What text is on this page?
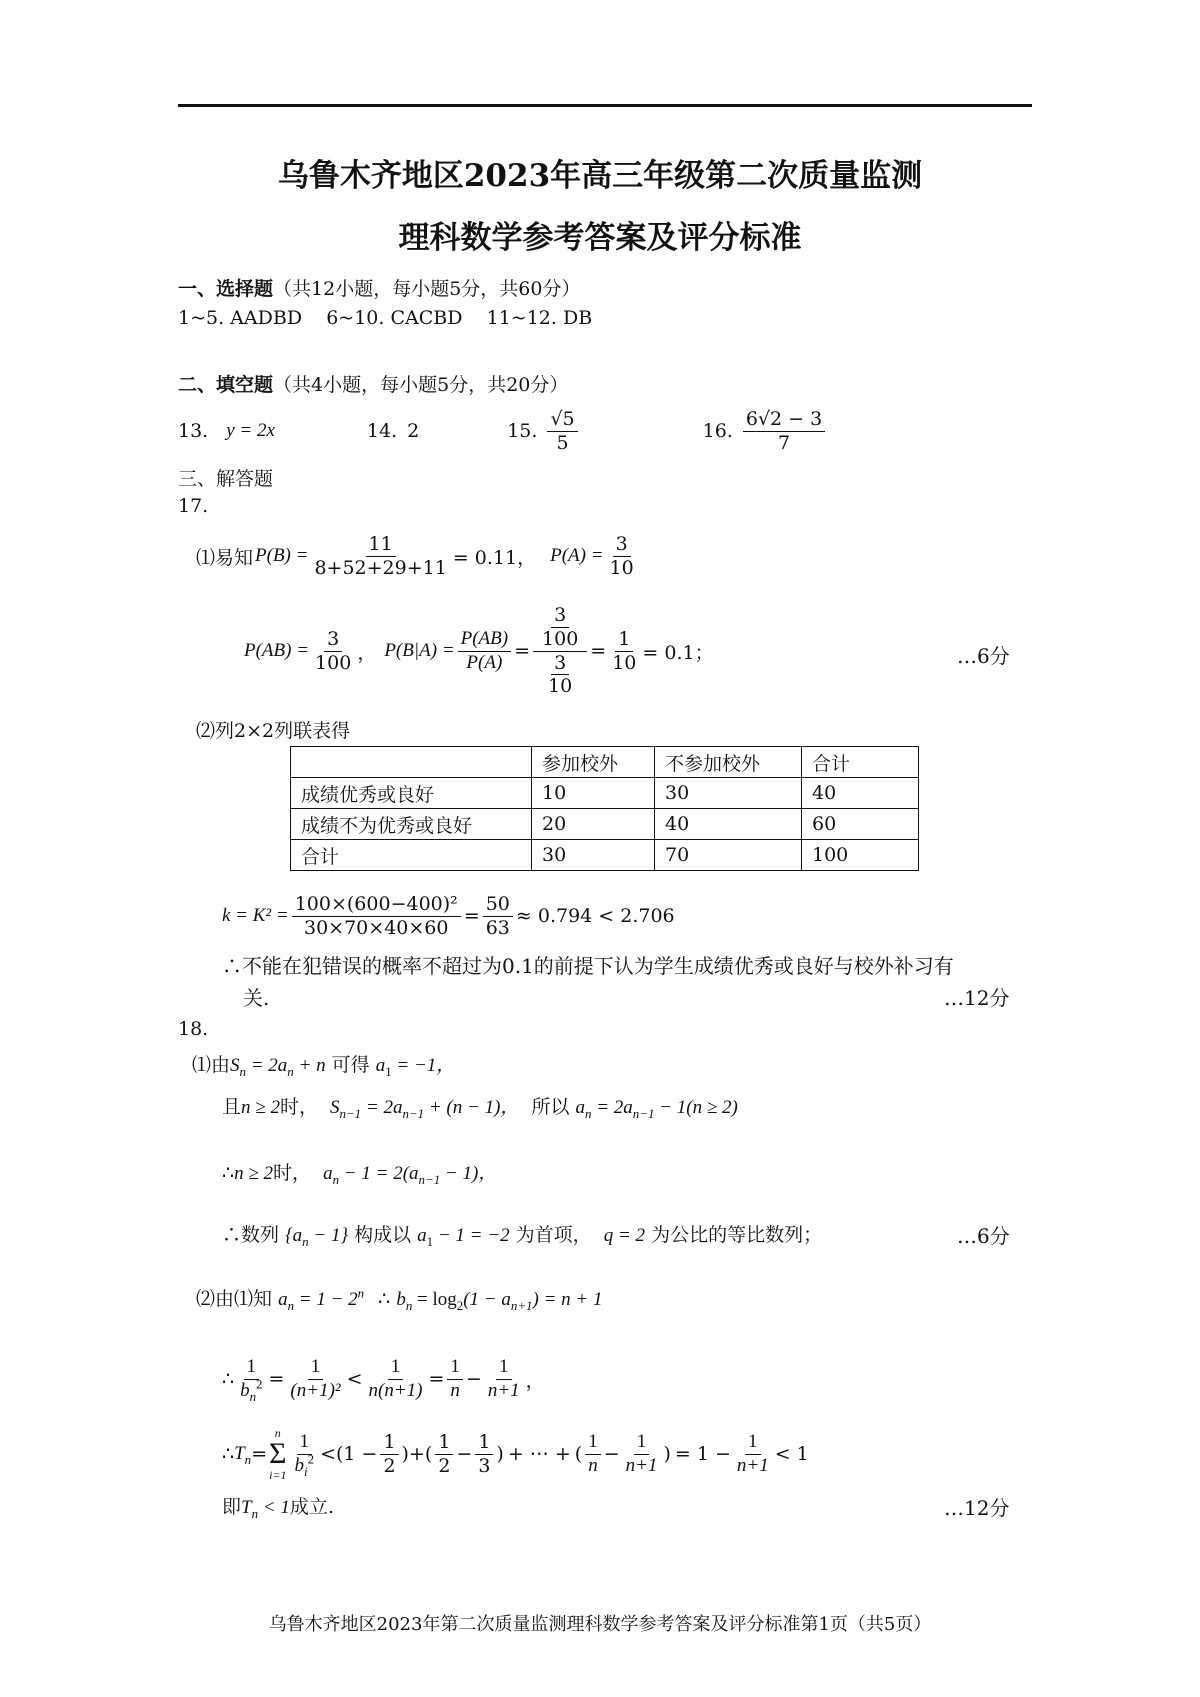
乌鲁木齐地区2023年高三年级第二次质量监测
理科数学参考答案及评分标准
一、选择题（共12小题，每小题5分，共60分）
1~5. AADBD    6~10. CACBD    11~12. DB
二、填空题（共4小题，每小题5分，共20分）
13. y = 2x	14. 2	15. $\frac{√5}{5}$	16. $\frac{6√2 - 3}{7}$
三、解答题
17.
⑴易知 $P(B) = \frac{11}{8+52+29+11} = 0.11$， $P(A) = \frac{3}{10}$
$P(AB) = \frac{3}{100}$ ， $P(B|A) = \frac{P(AB)}{P(A)} = \frac{\frac{3}{100}}{\frac{3}{10}} = \frac{1}{10} = 0.1$；	…6分
⑵列2×2列联表得
	参加校外	不参加校外	合计
成绩优秀或良好	10	30	40
成绩不为优秀或良好	20	40	60
合计	30	70	100
$k = K^2 = \frac{\text{100×(600−400)²}}{30\times 70\times 40\times 60} = \frac{50}{63} \approx 0.794 < 2.706$
∴不能在犯错误的概率不超过为0.1的前提下认为学生成绩优秀或良好与校外补习有
关.	…12分
18.
⑴由$S_n = 2a_n + n$ 可得 $a_1 = -1$，
且n ≥ 2时， $S_{n-1} = 2a_{n-1} + (n - 1)$， 所以 $a_n = 2a_{n-1} - 1(n \ge 2)$
∴n ≥ 2时， $a_n - 1 = 2(a_{n-1} - 1)$，
∴数列 $\{a_n - 1\}$ 构成以 $a_1 - 1 = -2$ 为首项， q = 2 为公比的等比数列；	…6分
⑵由⑴知 $a_n = 1 - 2^n$ ∴ $b_n = \log_2(1 - a_{n+1}) = n + 1$
∴ $\frac{1}{b_n^2} = \frac{1}{\text{(n+1)²}} < \frac{1}{n(n+1)} = \frac{1}{n} - \frac{1}{n+1}$ ，
∴ $T_n$ =
n
Σ
$i=1 \frac{1}{b_i^2} < (1 - \frac{1}{2}$ ) + ( $\frac{1}{2} - \frac{1}{3}$ ) + ⋯ + ( $\frac{1}{n} - \frac{1}{n+1}$ ) = $1 - \frac{1}{n+1} < 1$
即$T_n < 1$成立.	…12分
乌鲁木齐地区2023年第二次质量监测理科数学参考答案及评分标准第1页（共5页）
